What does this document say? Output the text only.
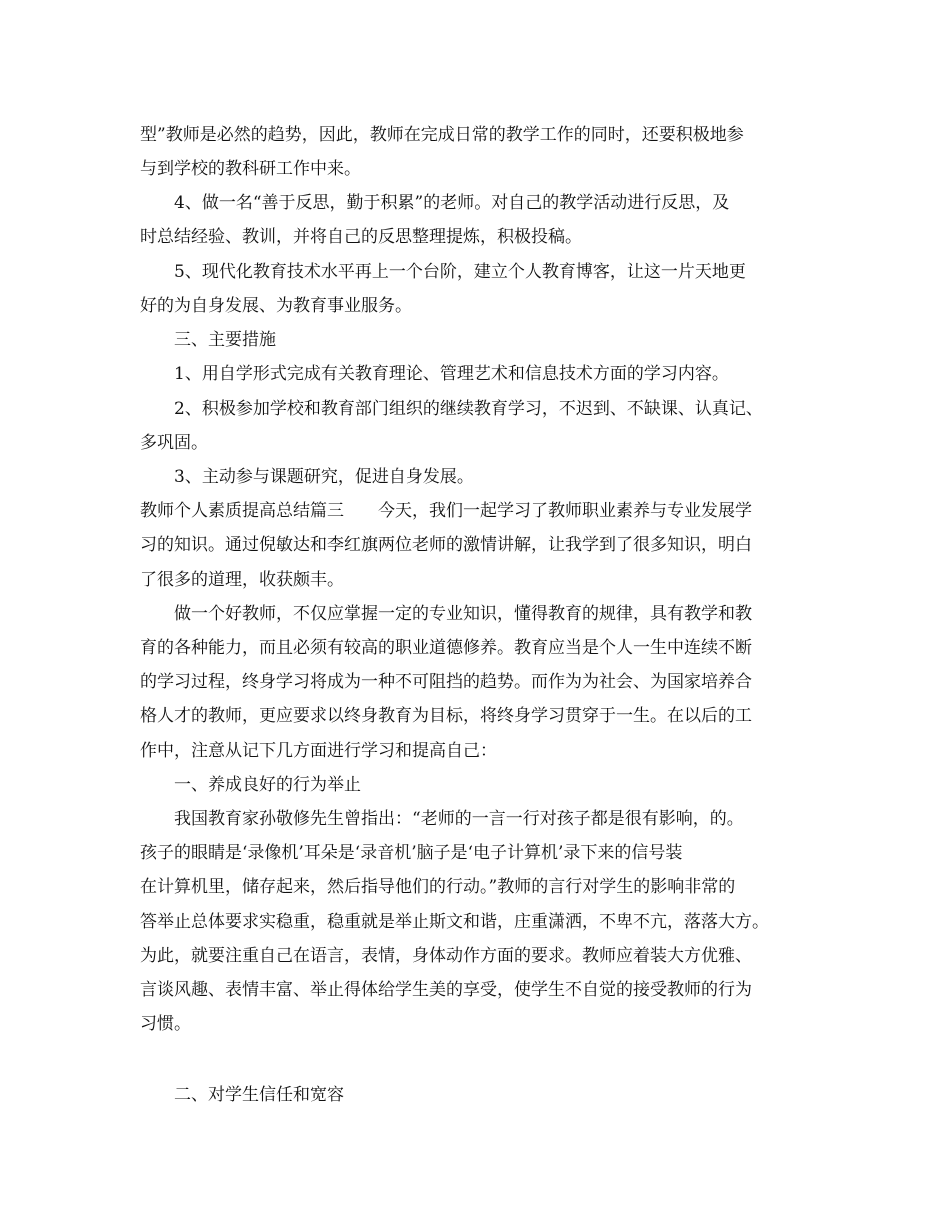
型”教师是必然的趋势，因此，教师在完成日常的教学工作的同时，还要积极地参

与到学校的教科研工作中来。

4、做一名“善于反思，勤于积累”的老师。对自己的教学活动进行反思，及

时总结经验、教训，并将自己的反思整理提炼，积极投稿。

5、现代化教育技术水平再上一个台阶，建立个人教育博客，让这一片天地更

好的为自身发展、为教育事业服务。

三、主要措施

1、用自学形式完成有关教育理论、管理艺术和信息技术方面的学习内容。

2、积极参加学校和教育部门组织的继续教育学习，不迟到、不缺课、认真记、

多巩固。

3、主动参与课题研究，促进自身发展。

教师个人素质提高总结篇三　　今天，我们一起学习了教师职业素养与专业发展学

习的知识。通过倪敏达和李红旗两位老师的激情讲解，让我学到了很多知识，明白

了很多的道理，收获颇丰。

做一个好教师，不仅应掌握一定的专业知识，懂得教育的规律，具有教学和教

育的各种能力，而且必须有较高的职业道德修养。教育应当是个人一生中连续不断

的学习过程，终身学习将成为一种不可阻挡的趋势。而作为为社会、为国家培养合

格人才的教师，更应要求以终身教育为目标，将终身学习贯穿于一生。在以后的工

作中，注意从记下几方面进行学习和提高自己：

一、养成良好的行为举止

我国教育家孙敬修先生曾指出：“老师的一言一行对孩子都是很有影响，的。

孩子的眼睛是‘录像机’耳朵是‘录音机’脑子是‘电子计算机’录下来的信号装

在计算机里，储存起来，然后指导他们的行动。”教师的言行对学生的影响非常的

答举止总体要求实稳重，稳重就是举止斯文和谐，庄重潇洒，不卑不亢，落落大方。

为此，就要注重自己在语言，表情，身体动作方面的要求。教师应着装大方优雅、

言谈风趣、表情丰富、举止得体给学生美的享受，使学生不自觉的接受教师的行为

习惯。

二、对学生信任和宽容
